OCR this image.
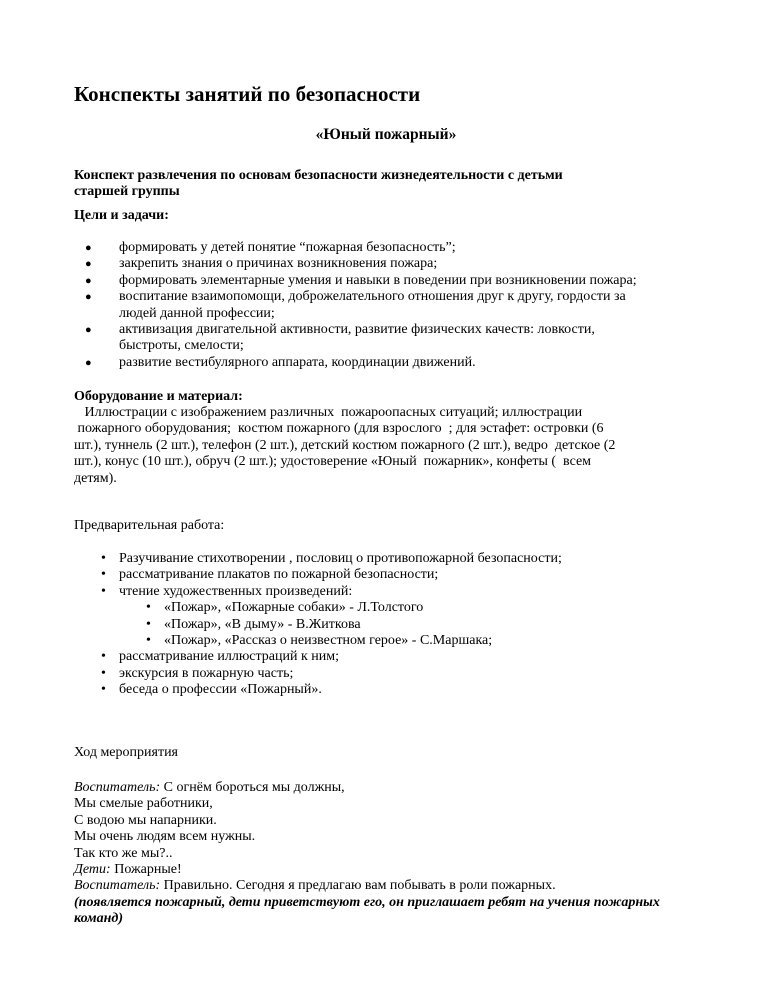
Конспекты занятий по безопасности
«Юный пожарный»
Конспект развлечения по основам безопасности жизнедеятельности с детьми
старшей группы
Цели и задачи:
● формировать у детей понятие “пожарная безопасность”;
● закрепить знания о причинах возникновения пожара;
● формировать элементарные умения и навыки в поведении при возникновении пожара;
● воспитание взаимопомощи, доброжелательного отношения друг к другу, гордости за
людей данной профессии;
● активизация двигательной активности, развитие физических качеств: ловкости,
быстроты, смелости;
● развитие вестибулярного аппарата, координации движений.
Оборудование и материал:
Иллюстрации с изображением различных  пожароопасных ситуаций; иллюстрации
пожарного оборудования;  костюм пожарного (для взрослого  ; для эстафет: островки (6
шт.), туннель (2 шт.), телефон (2 шт.), детский костюм пожарного (2 шт.), ведро  детское (2
шт.), конус (10 шт.), обруч (2 шт.); удостоверение «Юный  пожарник», конфеты (  всем
детям).
Предварительная работа:
• Разучивание стихотворении , пословиц о противопожарной безопасности;
• рассматривание плакатов по пожарной безопасности;
• чтение художественных произведений:
• «Пожар», «Пожарные собаки» - Л.Толстого
• «Пожар», «В дыму» - В.Житкова
• «Пожар», «Рассказ о неизвестном герое» - С.Маршака;
• рассматривание иллюстраций к ним;
• экскурсия в пожарную часть;
• беседа о профессии «Пожарный».
Ход мероприятия
Воспитатель: С огнём бороться мы должны,
Мы смелые работники,
С водою мы напарники.
Мы очень людям всем нужны.
Так кто же мы?..
Дети: Пожарные!
Воспитатель: Правильно. Сегодня я предлагаю вам побывать в роли пожарных.
(появляется пожарный, дети приветствуют его, он приглашает ребят на учения пожарных
команд)
